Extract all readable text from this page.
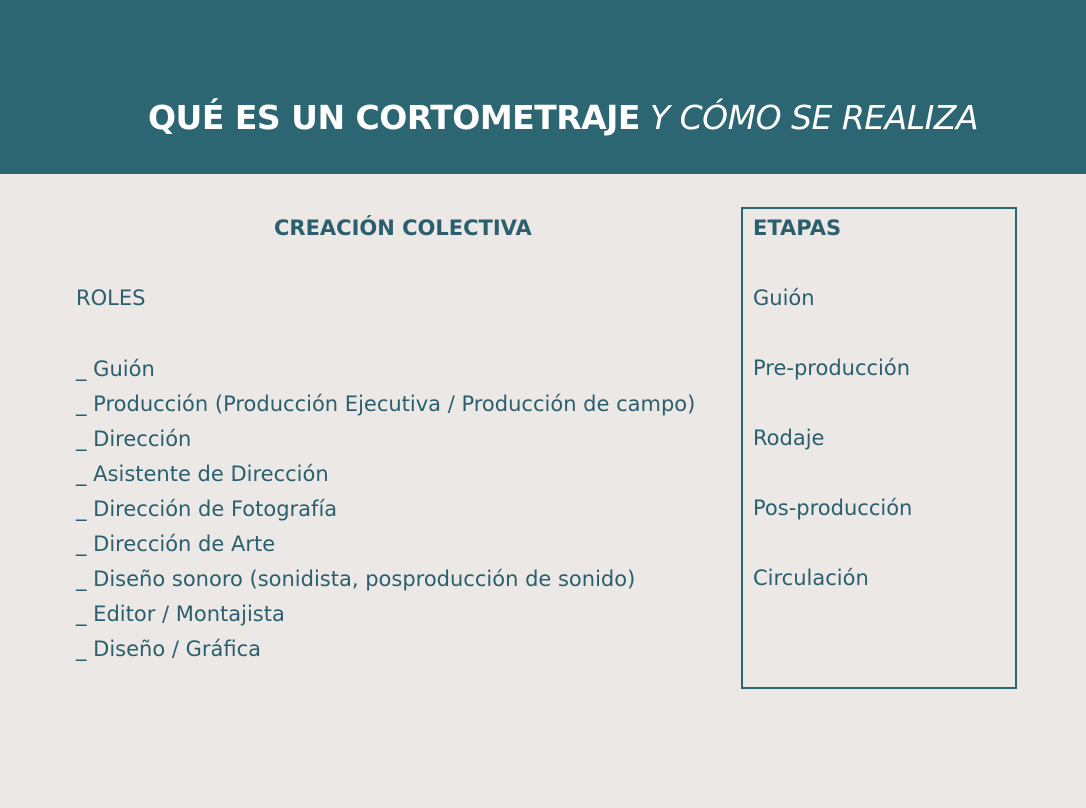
QUÉ ES UN CORTOMETRAJE Y CÓMO SE REALIZA
CREACIÓN COLECTIVA
ROLES
_ Guión
_ Producción (Producción Ejecutiva / Producción de campo)
_ Dirección
_ Asistente de Dirección
_ Dirección de Fotografía
_ Dirección de Arte
_ Diseño sonoro (sonidista, posproducción de sonido)
_ Editor / Montajista
_ Diseño / Gráfica
ETAPAS
Guión
Pre-producción
Rodaje
Pos-producción
Circulación
